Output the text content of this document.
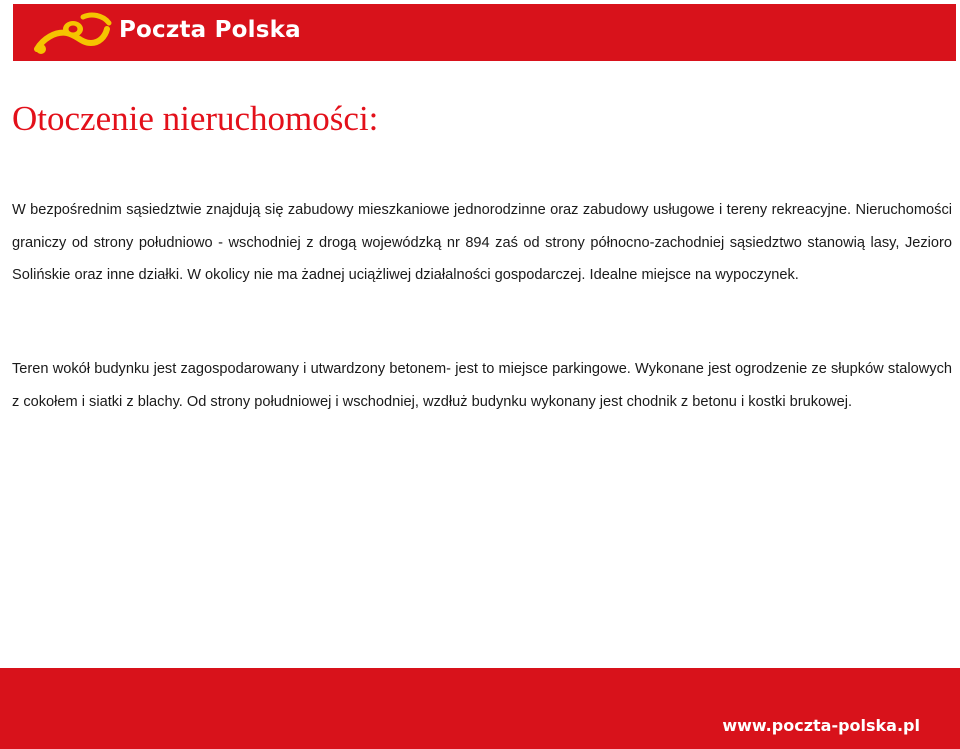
Poczta Polska
Otoczenie nieruchomości:

W bezpośrednim sąsiedztwie znajdują się zabudowy mieszkaniowe jednorodzinne oraz zabudowy usługowe i tereny rekreacyjne. Nieruchomości graniczy od strony południowo - wschodniej z drogą wojewódzką nr 894 zaś od strony północno-zachodniej sąsiedztwo stanowią lasy, Jezioro Solińskie oraz inne działki. W okolicy nie ma żadnej uciążliwej działalności gospodarczej. Idealne miejsce na wypoczynek.

Teren wokół budynku jest zagospodarowany i utwardzony betonem- jest to miejsce parkingowe. Wykonane jest ogrodzenie ze słupków stalowych z cokołem i siatki z blachy. Od strony południowej i wschodniej, wzdłuż budynku wykonany jest chodnik z betonu i kostki brukowej.

www.poczta-polska.pl
